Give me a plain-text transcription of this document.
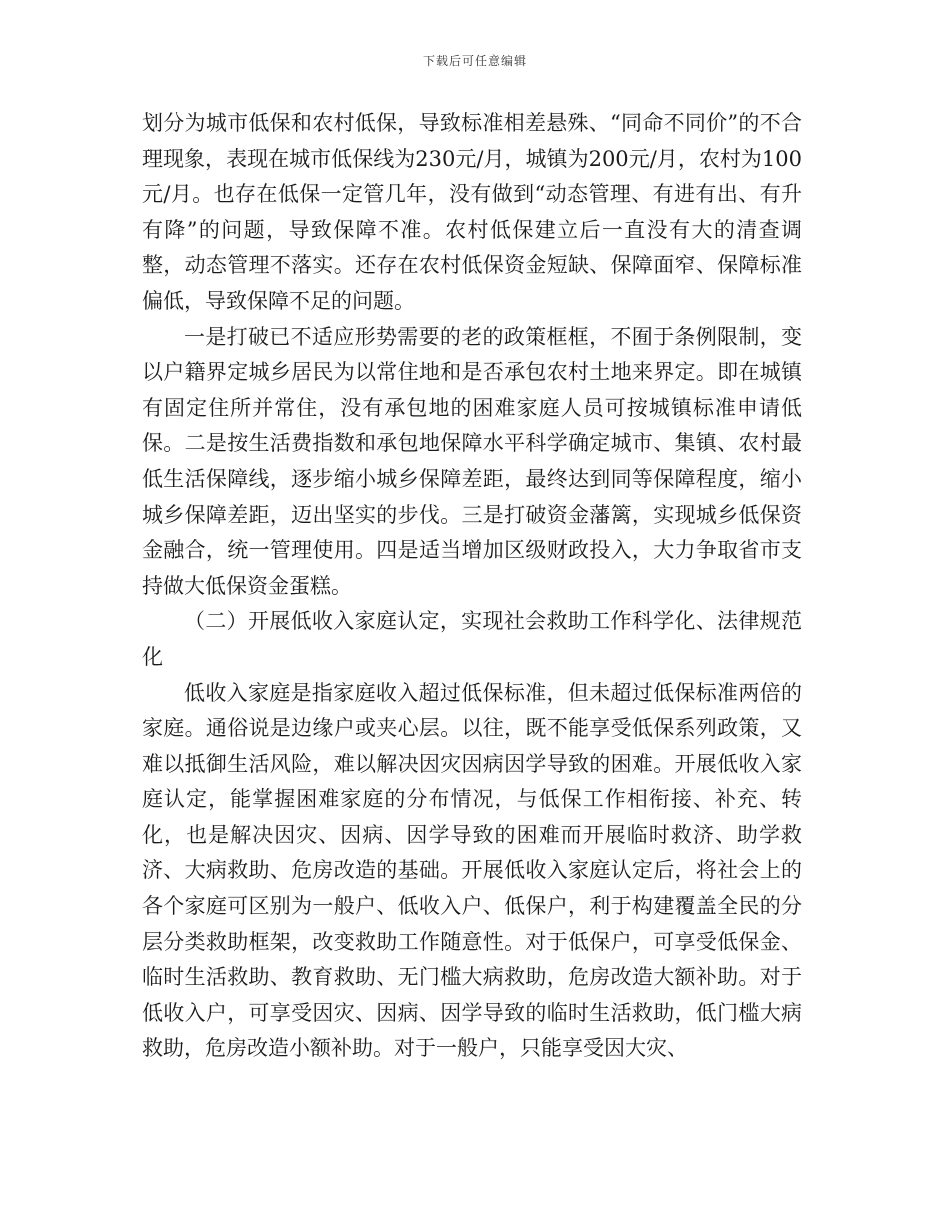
下载后可任意编辑

划分为城市低保和农村低保，导致标准相差悬殊、“同命不同价”的不合理现象，表现在城市低保线为230元/月，城镇为200元/月，农村为100元/月。也存在低保一定管几年，没有做到“动态管理、有进有出、有升有降”的问题，导致保障不准。农村低保建立后一直没有大的清查调整，动态管理不落实。还存在农村低保资金短缺、保障面窄、保障标准偏低，导致保障不足的问题。

一是打破已不适应形势需要的老的政策框框，不囿于条例限制，变以户籍界定城乡居民为以常住地和是否承包农村土地来界定。即在城镇有固定住所并常住，没有承包地的困难家庭人员可按城镇标准申请低保。二是按生活费指数和承包地保障水平科学确定城市、集镇、农村最低生活保障线，逐步缩小城乡保障差距，最终达到同等保障程度，缩小城乡保障差距，迈出坚实的步伐。三是打破资金藩篱，实现城乡低保资金融合，统一管理使用。四是适当增加区级财政投入，大力争取省市支持做大低保资金蛋糕。

（二）开展低收入家庭认定，实现社会救助工作科学化、法律规范化

低收入家庭是指家庭收入超过低保标准，但未超过低保标准两倍的家庭。通俗说是边缘户或夹心层。以往，既不能享受低保系列政策，又难以抵御生活风险，难以解决因灾因病因学导致的困难。开展低收入家庭认定，能掌握困难家庭的分布情况，与低保工作相衔接、补充、转化，也是解决因灾、因病、因学导致的困难而开展临时救济、助学救济、大病救助、危房改造的基础。开展低收入家庭认定后，将社会上的各个家庭可区别为一般户、低收入户、低保户，利于构建覆盖全民的分层分类救助框架，改变救助工作随意性。对于低保户，可享受低保金、临时生活救助、教育救助、无门槛大病救助，危房改造大额补助。对于低收入户，可享受因灾、因病、因学导致的临时生活救助，低门槛大病救助，危房改造小额补助。对于一般户，只能享受因大灾、
